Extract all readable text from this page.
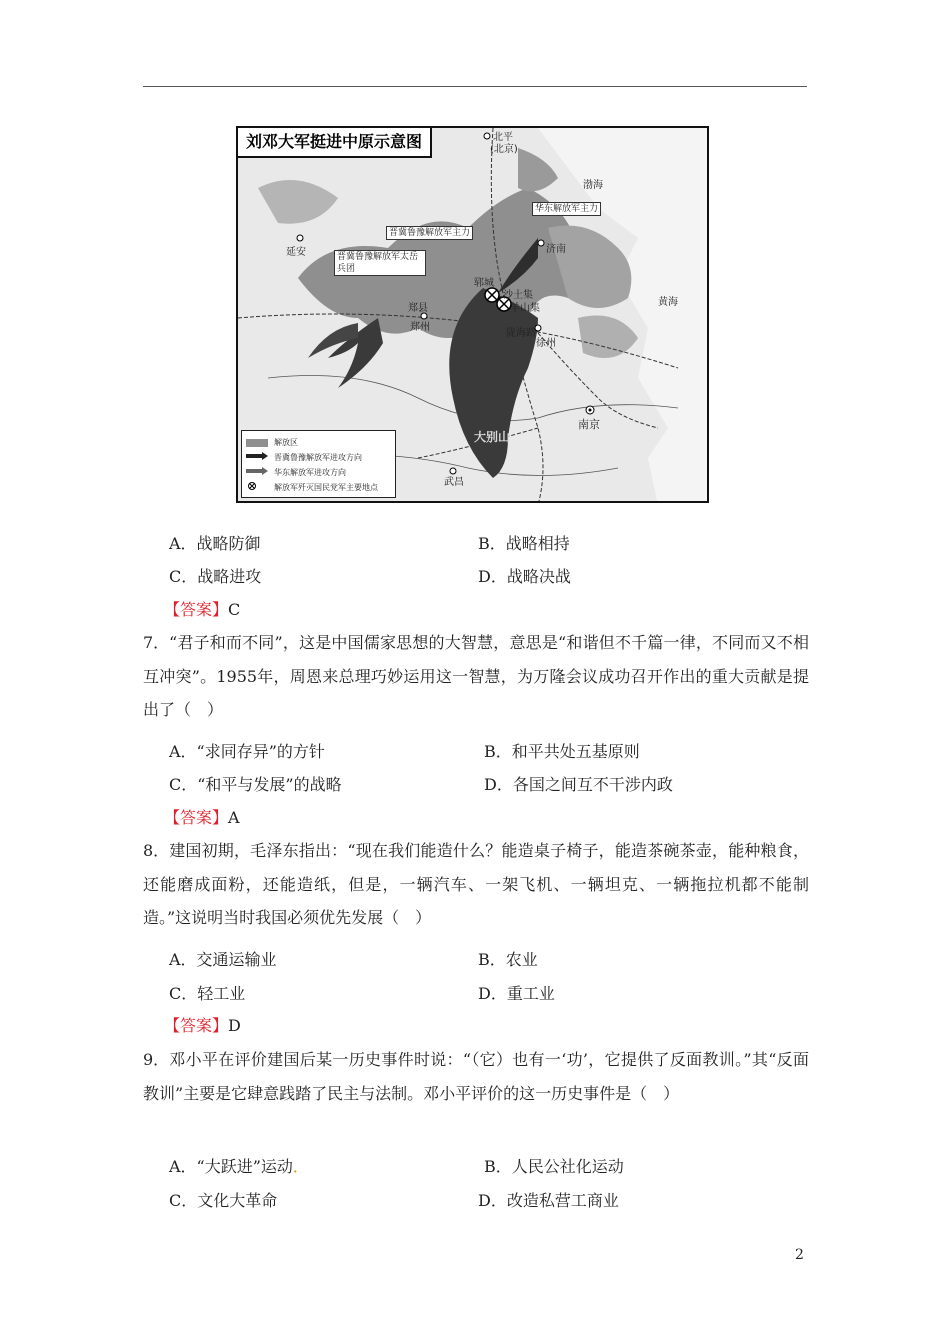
刘邓大军挺进中原示意图	北平
(北京)
渤海
黄海
延安	济南
郓城
沙土集
羊山集
郑县
郑州
徐州
陇海路
南京
武昌
大别山
华东解放军主力
晋冀鲁豫解放军主力
晋冀鲁豫解放军太岳兵团
解放区
晋冀鲁豫解放军进攻方向
华东解放军进攻方向
解放军歼灭国民党军主要地点
A．战略防御	B．战略相持
C．战略进攻	D．战略决战
【答案】C
7．“君子和而不同”，这是中国儒家思想的大智慧，意思是“和谐但不千篇一律，不同而又不相互冲突”。1955年，周恩来总理巧妙运用这一智慧，为万隆会议成功召开作出的重大贡献是提出了（　）
A．“求同存异”的方针	B．和平共处五基原则
C．“和平与发展”的战略	D．各国之间互不干涉内政
【答案】A
8．建国初期，毛泽东指出：“现在我们能造什么？能造桌子椅子，能造茶碗茶壶，能种粮食，还能磨成面粉，还能造纸，但是，一辆汽车、一架飞机、一辆坦克、一辆拖拉机都不能制造。”这说明当时我国必须优先发展（　）
A．交通运输业	B．农业
C．轻工业	D．重工业
【答案】D
9．邓小平在评价建国后某一历史事件时说：“（它）也有一‘功’，它提供了反面教训。”其“反面教训”主要是它肆意践踏了民主与法制。邓小平评价的这一历史事件是（　）
A．“大跃进”运动．	B．人民公社化运动
C．文化大革命	D．改造私营工商业
2
